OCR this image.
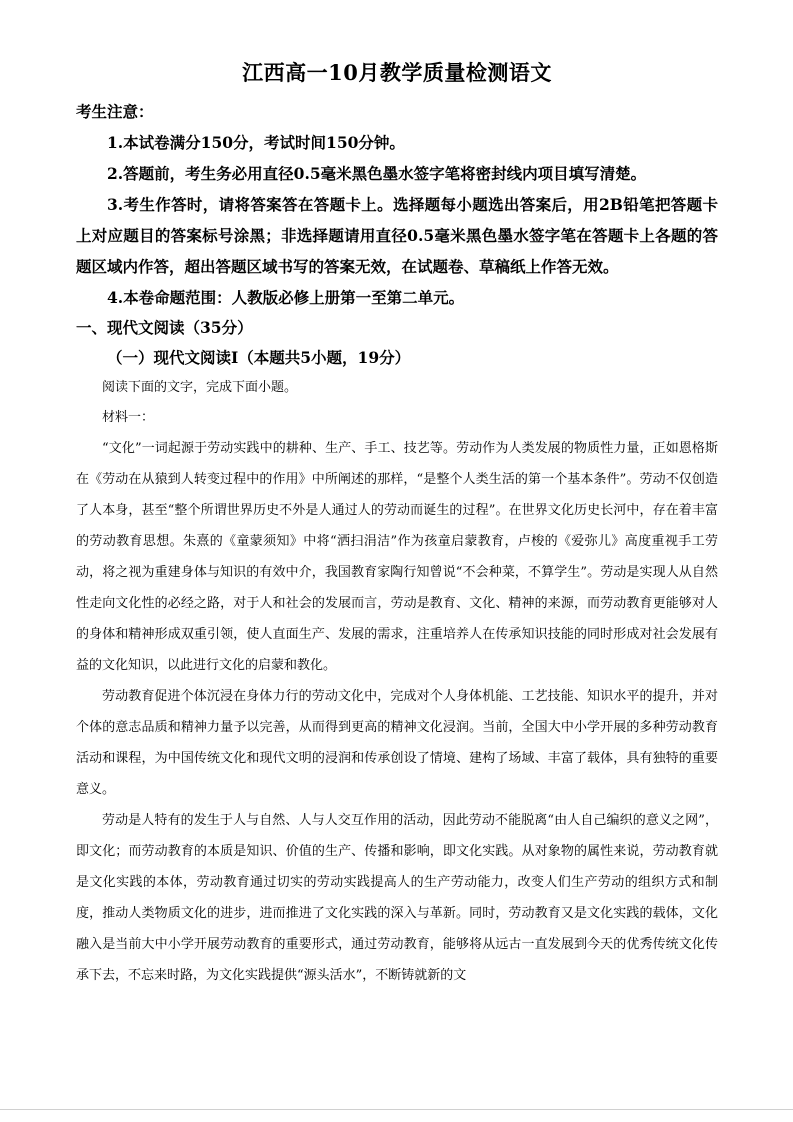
江西高一10月教学质量检测语文

考生注意：

1.本试卷满分150分，考试时间150分钟。

2.答题前，考生务必用直径0.5毫米黑色墨水签字笔将密封线内项目填写清楚。

3.考生作答时，请将答案答在答题卡上。选择题每小题选出答案后，用2B铅笔把答题卡上对应题目的答案标号涂黑；非选择题请用直径0.5毫米黑色墨水签字笔在答题卡上各题的答题区域内作答，超出答题区域书写的答案无效，在试题卷、草稿纸上作答无效。

4.本卷命题范围：人教版必修上册第一至第二单元。

一、现代文阅读（35分）

（一）现代文阅读Ⅰ（本题共5小题，19分）

阅读下面的文字，完成下面小题。

材料一：

“文化”一词起源于劳动实践中的耕种、生产、手工、技艺等。劳动作为人类发展的物质性力量，正如恩格斯在《劳动在从猿到人转变过程中的作用》中所阐述的那样，“是整个人类生活的第一个基本条件”。劳动不仅创造了人本身，甚至“整个所谓世界历史不外是人通过人的劳动而诞生的过程”。在世界文化历史长河中，存在着丰富的劳动教育思想。朱熹的《童蒙须知》中将“洒扫涓洁”作为孩童启蒙教育，卢梭的《爱弥儿》高度重视手工劳动，将之视为重建身体与知识的有效中介，我国教育家陶行知曾说“不会种菜，不算学生”。劳动是实现人从自然性走向文化性的必经之路，对于人和社会的发展而言，劳动是教育、文化、精神的来源，而劳动教育更能够对人的身体和精神形成双重引领，使人直面生产、发展的需求，注重培养人在传承知识技能的同时形成对社会发展有益的文化知识，以此进行文化的启蒙和教化。

劳动教育促进个体沉浸在身体力行的劳动文化中，完成对个人身体机能、工艺技能、知识水平的提升，并对个体的意志品质和精神力量予以完善，从而得到更高的精神文化浸润。当前，全国大中小学开展的多种劳动教育活动和课程，为中国传统文化和现代文明的浸润和传承创设了情境、建构了场域、丰富了载体，具有独特的重要意义。

劳动是人特有的发生于人与自然、人与人交互作用的活动，因此劳动不能脱离“由人自己编织的意义之网”，即文化；而劳动教育的本质是知识、价值的生产、传播和影响，即文化实践。从对象物的属性来说，劳动教育就是文化实践的本体，劳动教育通过切实的劳动实践提高人的生产劳动能力，改变人们生产劳动的组织方式和制度，推动人类物质文化的进步，进而推进了文化实践的深入与革新。同时，劳动教育又是文化实践的载体，文化融入是当前大中小学开展劳动教育的重要形式，通过劳动教育，能够将从远古一直发展到今天的优秀传统文化传承下去，不忘来时路，为文化实践提供“源头活水”，不断铸就新的文
